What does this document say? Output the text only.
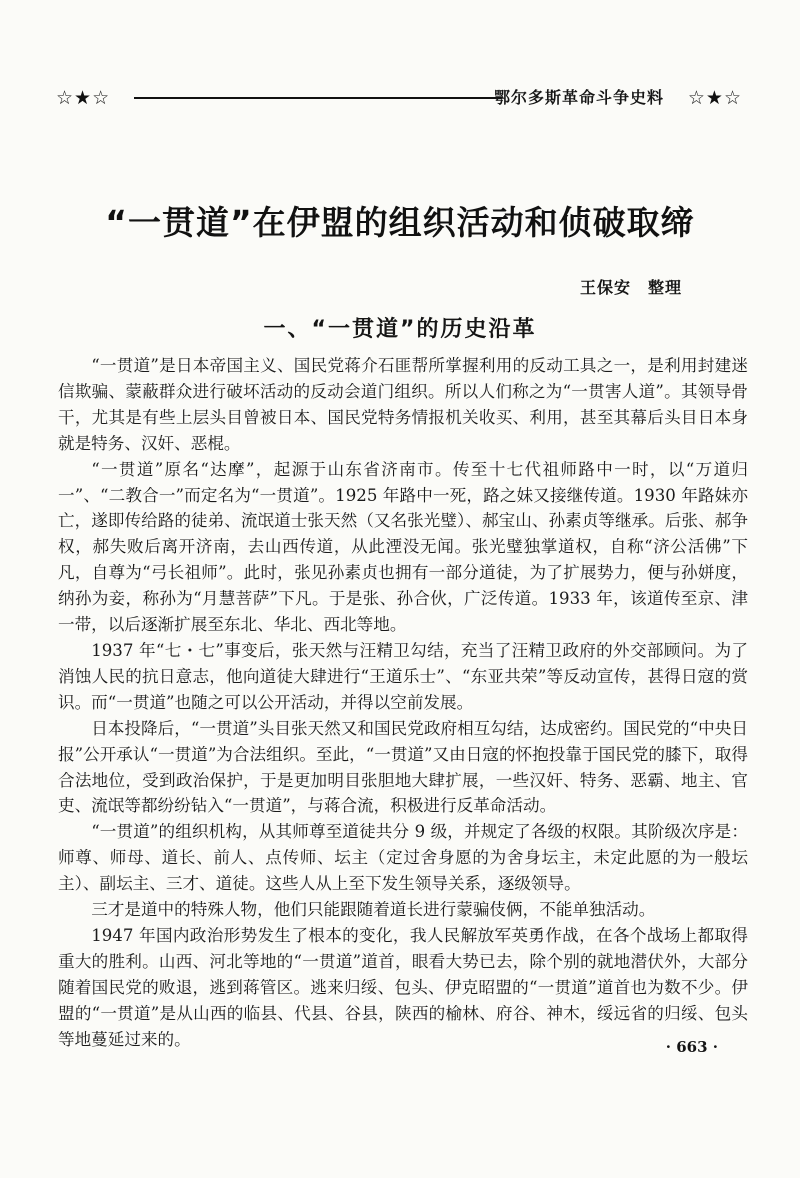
☆★☆	鄂尔多斯革命斗争史料 ☆★☆
“一贯道”在伊盟的组织活动和侦破取缔
王保安　整理
一、“一贯道”的历史沿革

“一贯道”是日本帝国主义、国民党蒋介石匪帮所掌握利用的反动工具之一，是利用封建迷信欺骗、蒙蔽群众进行破坏活动的反动会道门组织。所以人们称之为“一贯害人道”。其领导骨干，尤其是有些上层头目曾被日本、国民党特务情报机关收买、利用，甚至其幕后头目日本身就是特务、汉奸、恶棍。

“一贯道”原名“达摩”，起源于山东省济南市。传至十七代祖师路中一时，以“万道归一”、“二教合一”而定名为“一贯道”。1925 年路中一死，路之妹又接继传道。1930 年路妹亦亡，遂即传给路的徒弟、流氓道士张天然（又名张光璧）、郝宝山、孙素贞等继承。后张、郝争权，郝失败后离开济南，去山西传道，从此湮没无闻。张光璧独掌道权，自称“济公活佛”下凡，自尊为“弓长祖师”。此时，张见孙素贞也拥有一部分道徒，为了扩展势力，便与孙姘度，纳孙为妾，称孙为“月慧菩萨”下凡。于是张、孙合伙，广泛传道。1933 年，该道传至京、津一带，以后逐渐扩展至东北、华北、西北等地。

1937 年“七・七”事变后，张天然与汪精卫勾结，充当了汪精卫政府的外交部顾问。为了消蚀人民的抗日意志，他向道徒大肆进行“王道乐士”、“东亚共荣”等反动宣传，甚得日寇的赏识。而“一贯道”也随之可以公开活动，并得以空前发展。

日本投降后，“一贯道”头目张天然又和国民党政府相互勾结，达成密约。国民党的“中央日报”公开承认“一贯道”为合法组织。至此，“一贯道”又由日寇的怀抱投靠于国民党的膝下，取得合法地位，受到政治保护，于是更加明目张胆地大肆扩展，一些汉奸、特务、恶霸、地主、官吏、流氓等都纷纷钻入“一贯道”，与蒋合流，积极进行反革命活动。

“一贯道”的组织机构，从其师尊至道徒共分 9 级，并规定了各级的权限。其阶级次序是：师尊、师母、道长、前人、点传师、坛主（定过舍身愿的为舍身坛主，未定此愿的为一般坛主）、副坛主、三才、道徒。这些人从上至下发生领导关系，逐级领导。

三才是道中的特殊人物，他们只能跟随着道长进行蒙骗伎俩，不能单独活动。

1947 年国内政治形势发生了根本的变化，我人民解放军英勇作战，在各个战场上都取得重大的胜利。山西、河北等地的“一贯道”道首，眼看大势已去，除个别的就地潜伏外，大部分随着国民党的败退，逃到蒋管区。逃来归绥、包头、伊克昭盟的“一贯道”道首也为数不少。伊盟的“一贯道”是从山西的临县、代县、谷县，陕西的榆林、府谷、神木，绥远省的归绥、包头等地蔓延过来的。	· 663 ·
